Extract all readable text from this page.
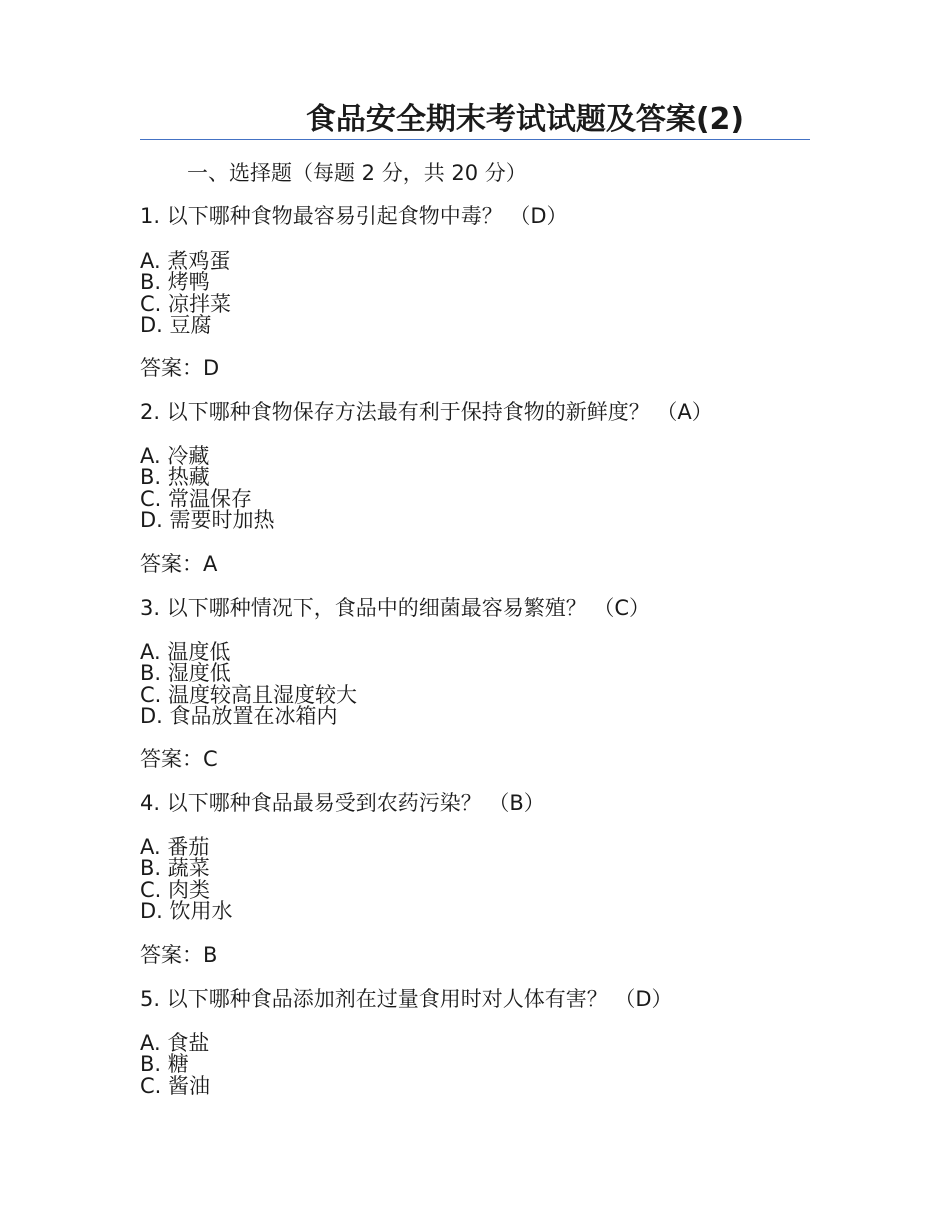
食品安全期末考试试题及答案(2)
一、选择题（每题 2 分，共 20 分）
1. 以下哪种食物最容易引起食物中毒？ （D）
A. 煮鸡蛋
B. 烤鸭
C. 凉拌菜
D. 豆腐
答案：D
2. 以下哪种食物保存方法最有利于保持食物的新鲜度？ （A）
A. 冷藏
B. 热藏
C. 常温保存
D. 需要时加热
答案：A
3. 以下哪种情况下，食品中的细菌最容易繁殖？ （C）
A. 温度低
B. 湿度低
C. 温度较高且湿度较大
D. 食品放置在冰箱内
答案：C
4. 以下哪种食品最易受到农药污染？ （B）
A. 番茄
B. 蔬菜
C. 肉类
D. 饮用水
答案：B
5. 以下哪种食品添加剂在过量食用时对人体有害？ （D）
A. 食盐
B. 糖
C. 酱油
